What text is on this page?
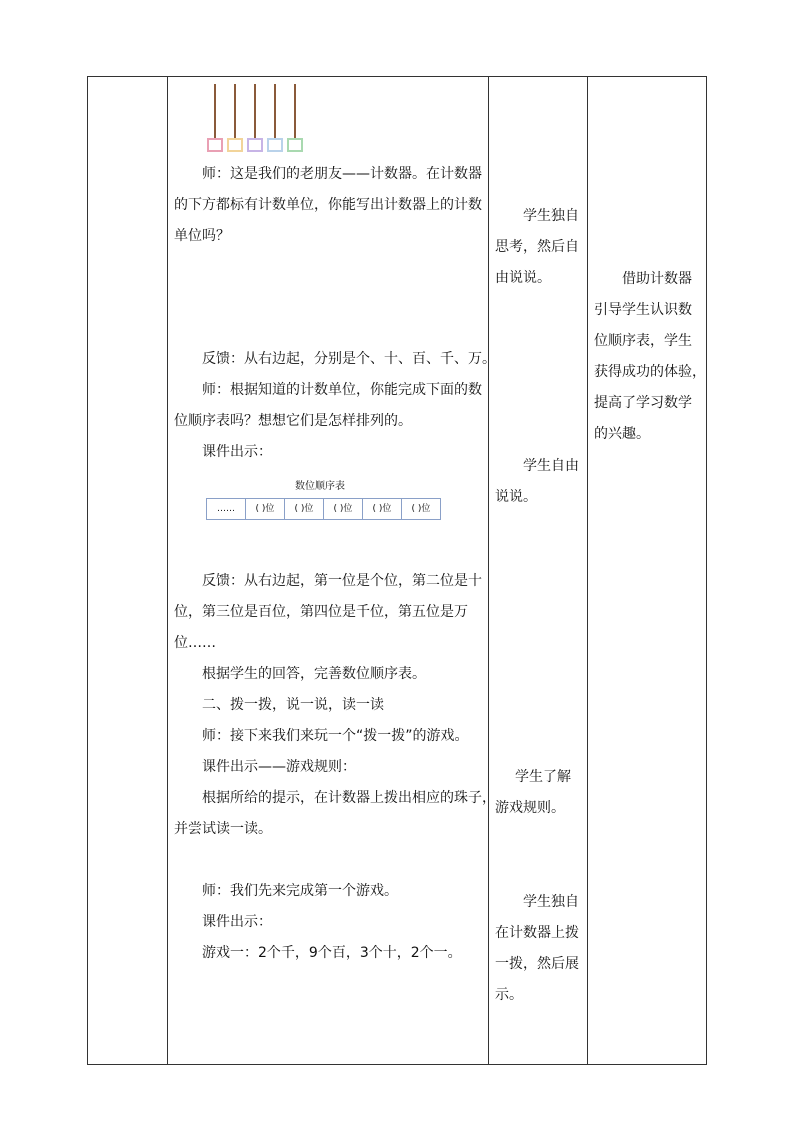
师：这是我们的老朋友——计数器。在计数器

的下方都标有计数单位，你能写出计数器上的计数

单位吗？

反馈：从右边起，分别是个、十、百、千、万。

师：根据知道的计数单位，你能完成下面的数

位顺序表吗？想想它们是怎样排列的。

课件出示：

数位顺序表
……	( )位	( )位	( )位	( )位	( )位

反馈：从右边起，第一位是个位，第二位是十

位，第三位是百位，第四位是千位，第五位是万

位……

根据学生的回答，完善数位顺序表。

二、拨一拨，说一说，读一读

师：接下来我们来玩一个“拨一拨”的游戏。

课件出示——游戏规则：

根据所给的提示，在计数器上拨出相应的珠子，

并尝试读一读。

师：我们先来完成第一个游戏。

课件出示：

游戏一：2个千，9个百，3个十，2个一。

学生独自

思考，然后自

由说说。

学生自由

说说。

学生了解

游戏规则。

学生独自

在计数器上拨

一拨，然后展

示。

借助计数器

引导学生认识数

位顺序表，学生

获得成功的体验，

提高了学习数学

的兴趣。
